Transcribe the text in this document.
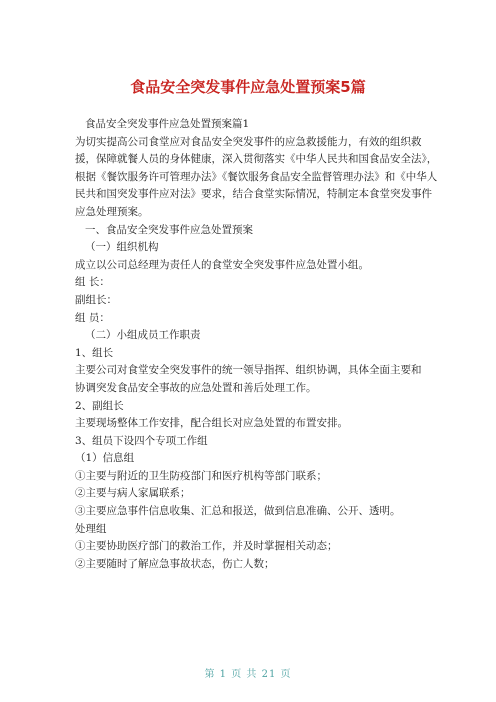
食品安全突发事件应急处置预案5篇

食品安全突发事件应急处置预案篇1

为切实提高公司食堂应对食品安全突发事件的应急救援能力，有效的组织救

援，保障就餐人员的身体健康，深入贯彻落实《中华人民共和国食品安全法》，

根据《餐饮服务许可管理办法》《餐饮服务食品安全监督管理办法》和《中华人

民共和国突发事件应对法》要求，结合食堂实际情况，特制定本食堂突发事件

应急处理预案。

一、食品安全突发事件应急处置预案

（一）组织机构

成立以公司总经理为责任人的食堂安全突发事件应急处置小组。

组 长：

副组长：

组 员：

（二）小组成员工作职责

1、组长

主要公司对食堂安全突发事件的统一领导指挥、组织协调，具体全面主要和

协调突发食品安全事故的应急处置和善后处理工作。

2、副组长

主要现场整体工作安排，配合组长对应急处置的布置安排。

3、组员下设四个专项工作组

（1）信息组

①主要与附近的卫生防疫部门和医疗机构等部门联系；

②主要与病人家属联系；

③主要应急事件信息收集、汇总和报送，做到信息准确、公开、透明。

处理组

①主要协助医疗部门的救治工作，并及时掌握相关动态；

②主要随时了解应急事故状态，伤亡人数；

第 1 页 共 21 页
